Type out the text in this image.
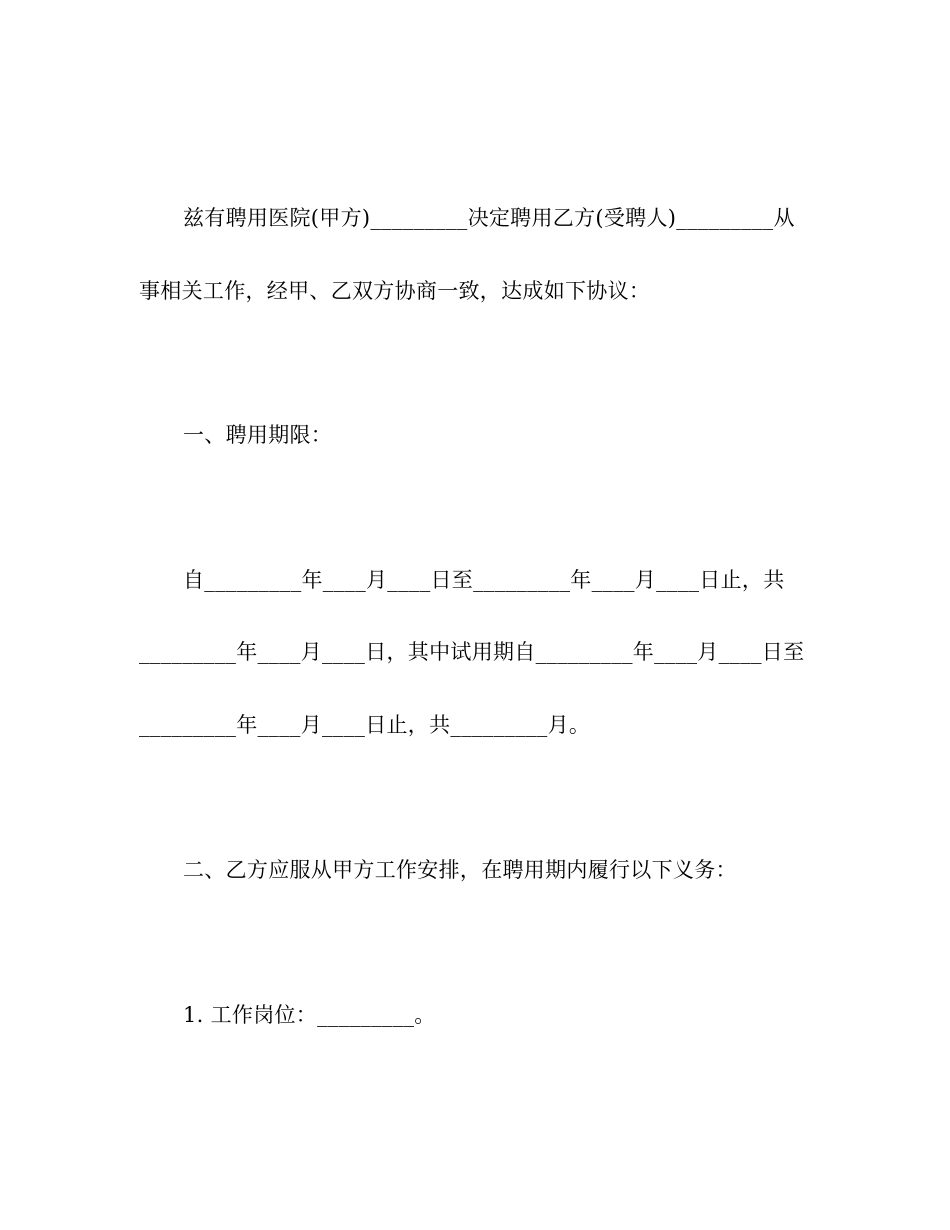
兹有聘用医院(甲方)_________决定聘用乙方(受聘人)_________从
事相关工作，经甲、乙双方协商一致，达成如下协议：
一、聘用期限：
自_________年____月____日至_________年____月____日止，共
_________年____月____日，其中试用期自_________年____月____日至
_________年____月____日止，共_________月。
二、乙方应服从甲方工作安排，在聘用期内履行以下义务：
1. 工作岗位：_________。
